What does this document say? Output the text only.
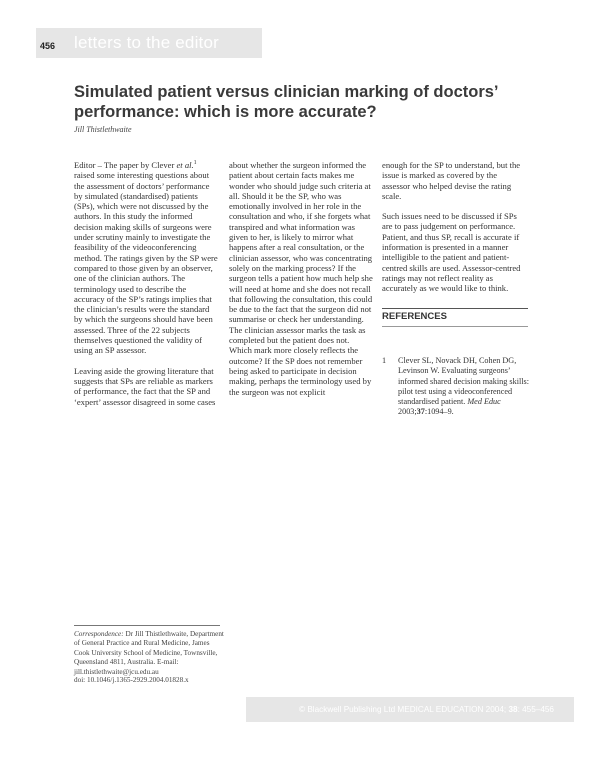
456 letters to the editor
Simulated patient versus clinician marking of doctors’ performance: which is more accurate?
Jill Thistlethwaite

Editor – The paper by Clever et al.$^1$ raised some interesting questions about the assessment of doctors’ performance by simulated (standardised) patients (SPs), which were not discussed by the authors. In this study the informed decision making skills of surgeons were under scrutiny mainly to investigate the feasibility of the videoconferencing method. The ratings given by the SP were compared to those given by an observer, one of the clinician authors. The terminology used to describe the accuracy of the SP’s ratings implies that the clinician’s results were the standard by which the surgeons should have been assessed. Three of the 22 subjects themselves questioned the validity of using an SP assessor.

Leaving aside the growing literature that suggests that SPs are reliable as markers of performance, the fact that the SP and ‘expert’ assessor disagreed in some cases

about whether the surgeon informed the patient about certain facts makes me wonder who should judge such criteria at all. Should it be the SP, who was emotionally involved in her role in the consultation and who, if she forgets what transpired and what information was given to her, is likely to mirror what happens after a real consultation, or the clinician assessor, who was concentrating solely on the marking process? If the surgeon tells a patient how much help she will need at home and she does not recall that following the consultation, this could be due to the fact that the surgeon did not summarise or check her understanding. The clinician assessor marks the task as completed but the patient does not. Which mark more closely reflects the outcome? If the SP does not remember being asked to participate in decision making, perhaps the terminology used by the surgeon was not explicit

enough for the SP to understand, but the issue is marked as covered by the assessor who helped devise the rating scale.

Such issues need to be discussed if SPs are to pass judgement on performance. Patient, and thus SP, recall is accurate if information is presented in a manner intelligible to the patient and patient-centred skills are used. Assessor-centred ratings may not reflect reality as accurately as we would like to think.

REFERENCES
1 Clever SL, Novack DH, Cohen DG, Levinson W. Evaluating surgeons’ informed shared decision making skills: pilot test using a videoconferenced standardised patient. Med Educ 2003;37:1094–9.
Correspondence: Dr Jill Thistlethwaite, Department of General Practice and Rural Medicine, James Cook University School of Medicine, Townsville, Queensland 4811, Australia. E-mail: jill.thistlethwaite@jcu.edu.au
doi: 10.1046/j.1365-2929.2004.01828.x
© Blackwell Publishing Ltd MEDICAL EDUCATION 2004; 38: 455–456
